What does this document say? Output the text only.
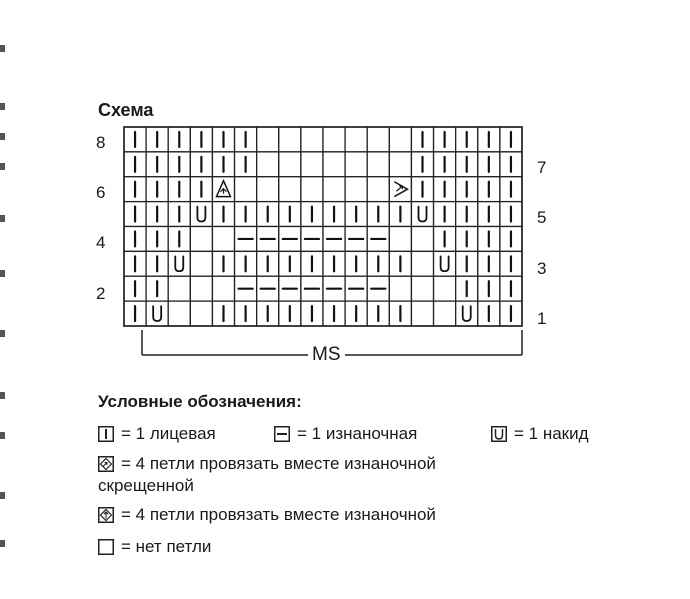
Схема
8
6
4
2
7
5
3
1
MS
Условные обозначения:
= 1 лицевая	= 1 изнаночная	= 1 накид
= 4 петли провязать вместе изнаночной
скрещенной
= 4 петли провязать вместе изнаночной
= нет петли
